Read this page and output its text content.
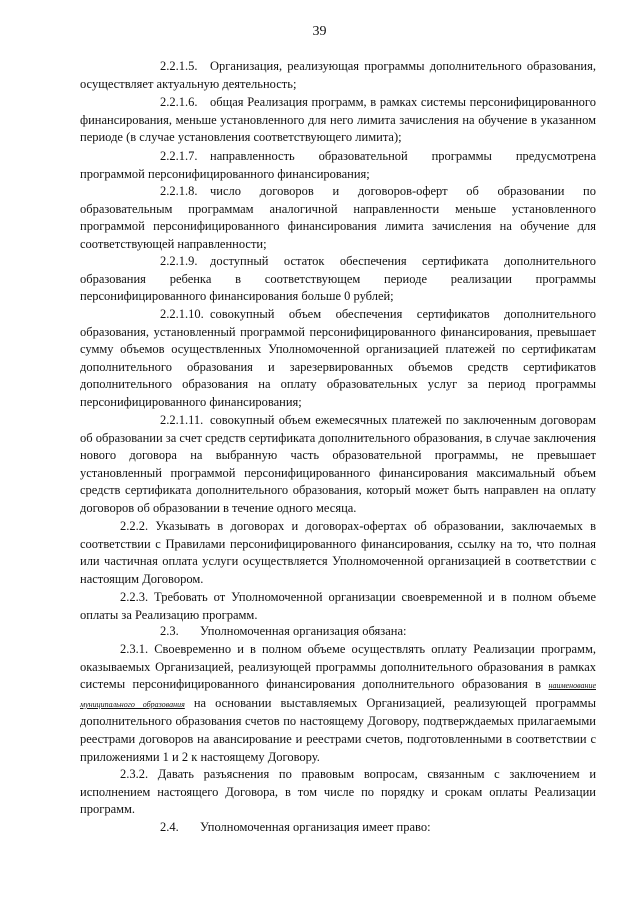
39
2.2.1.5. Организация, реализующая программы дополнительного образования, осуществляет актуальную деятельность;
2.2.1.6. общая Реализация программ, в рамках системы персонифицированного финансирования, меньше установленного для него лимита зачисления на обучение в указанном периоде (в случае установления соответствующего лимита);
2.2.1.7. направленность образовательной программы предусмотрена программой персонифицированного финансирования;
2.2.1.8. число договоров и договоров-оферт об образовании по образовательным программам аналогичной направленности меньше установленного программой персонифицированного финансирования лимита зачисления на обучение для соответствующей направленности;
2.2.1.9. доступный остаток обеспечения сертификата дополнительного образования ребенка в соответствующем периоде реализации программы персонифицированного финансирования больше 0 рублей;
2.2.1.10. совокупный объем обеспечения сертификатов дополнительного образования, установленный программой персонифицированного финансирования, превышает сумму объемов осуществленных Уполномоченной организацией платежей по сертификатам дополнительного образования и зарезервированных объемов средств сертификатов дополнительного образования на оплату образовательных услуг за период программы персонифицированного финансирования;
2.2.1.11. совокупный объем ежемесячных платежей по заключенным договорам об образовании за счет средств сертификата дополнительного образования, в случае заключения нового договора на выбранную часть образовательной программы, не превышает установленный программой персонифицированного финансирования максимальный объем средств сертификата дополнительного образования, который может быть направлен на оплату договоров об образовании в течение одного месяца.
2.2.2. Указывать в договорах и договорах-офертах об образовании, заключаемых в соответствии с Правилами персонифицированного финансирования, ссылку на то, что полная или частичная оплата услуги осуществляется Уполномоченной организацией в соответствии с настоящим Договором.
2.2.3. Требовать от Уполномоченной организации своевременной и в полном объеме оплаты за Реализацию программ.
2.3. Уполномоченная организация обязана:
2.3.1. Своевременно и в полном объеме осуществлять оплату Реализации программ, оказываемых Организацией, реализующей программы дополнительного образования в рамках системы персонифицированного финансирования дополнительного образования в наименование муниципального образования на основании выставляемых Организацией, реализующей программы дополнительного образования счетов по настоящему Договору, подтверждаемых прилагаемыми реестрами договоров на авансирование и реестрами счетов, подготовленными в соответствии с приложениями 1 и 2 к настоящему Договору.
2.3.2. Давать разъяснения по правовым вопросам, связанным с заключением и исполнением настоящего Договора, в том числе по порядку и срокам оплаты Реализации программ.
2.4. Уполномоченная организация имеет право:
